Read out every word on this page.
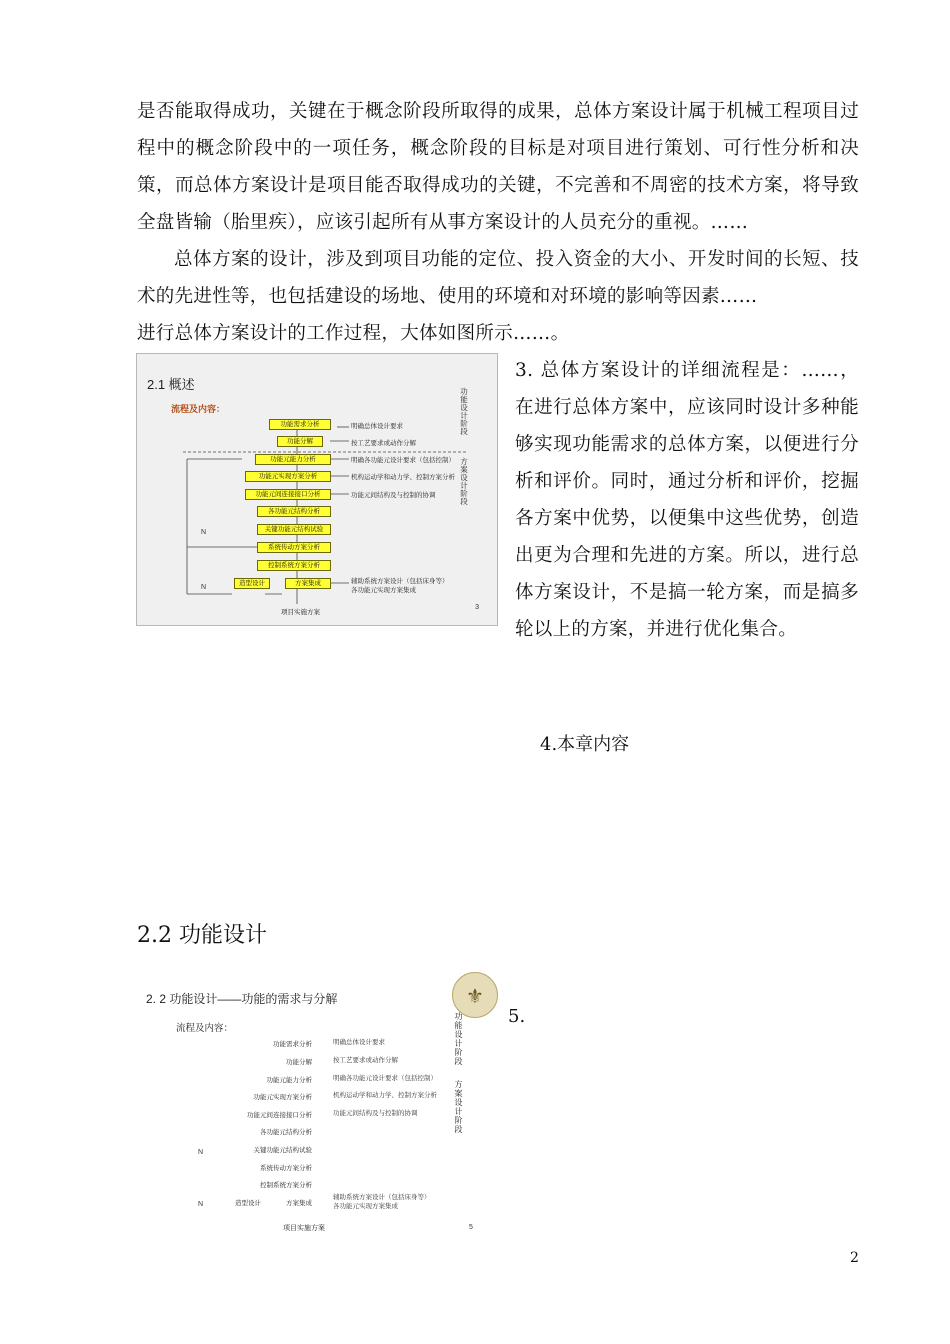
是否能取得成功，关键在于概念阶段所取得的成果，总体方案设计属于机械工程项目过程中的概念阶段中的一项任务，概念阶段的目标是对项目进行策划、可行性分析和决策，而总体方案设计是项目能否取得成功的关键，不完善和不周密的技术方案，将导致全盘皆输（胎里疾），应该引起所有从事方案设计的人员充分的重视。……

总体方案的设计，涉及到项目功能的定位、投入资金的大小、开发时间的长短、技术的先进性等，也包括建设的场地、使用的环境和对环境的影响等因素……

进行总体方案设计的工作过程，大体如图所示……。

3. 总体方案设计的详细流程是：……，在进行总体方案中，应该同时设计多种能够实现功能需求的总体方案，以便进行分析和评价。同时，通过分析和评价，挖掘各方案中优势，以便集中这些优势，创造出更为合理和先进的方案。所以，进行总体方案设计，不是搞一轮方案，而是搞多轮以上的方案，并进行优化集合。

4.本章内容
2.2 功能设计
2
2.1 概述
流程及内容：
功能需求分析
功能分解
功能元能力分析
功能元实现方案分析
功能元间连接接口分析
各功能元结构分析
关键功能元结构试验
系统传动方案分析
控制系统方案分析
方案集成
造型设计
明确总体设计要求
按工艺要求或动作分解
明确各功能元设计要求（包括控制）
机构运动学和动力学、控制方案分析
功能元间结构及与控制的协调
辅助系统方案设计（包括床身等）
各功能元实现方案集成
功能设计阶段
方案设计阶段
N
N
项目实施方案
3
2. 2 功能设计——功能的需求与分解
流程及内容：
功能需求分析
功能分解
功能元能力分析
功能元实现方案分析
功能元间连接接口分析
各功能元结构分析
关键功能元结构试验
系统传动方案分析
控制系统方案分析
方案集成
造型设计
明确总体设计要求
按工艺要求或动作分解
明确各功能元设计要求（包括控制）
机构运动学和动力学、控制方案分析
功能元间结构及与控制的协调
辅助系统方案设计（包括床身等）
各功能元实现方案集成
功能设计阶段
方案设计阶段
N
N
项目实施方案	5
⚜
5.
